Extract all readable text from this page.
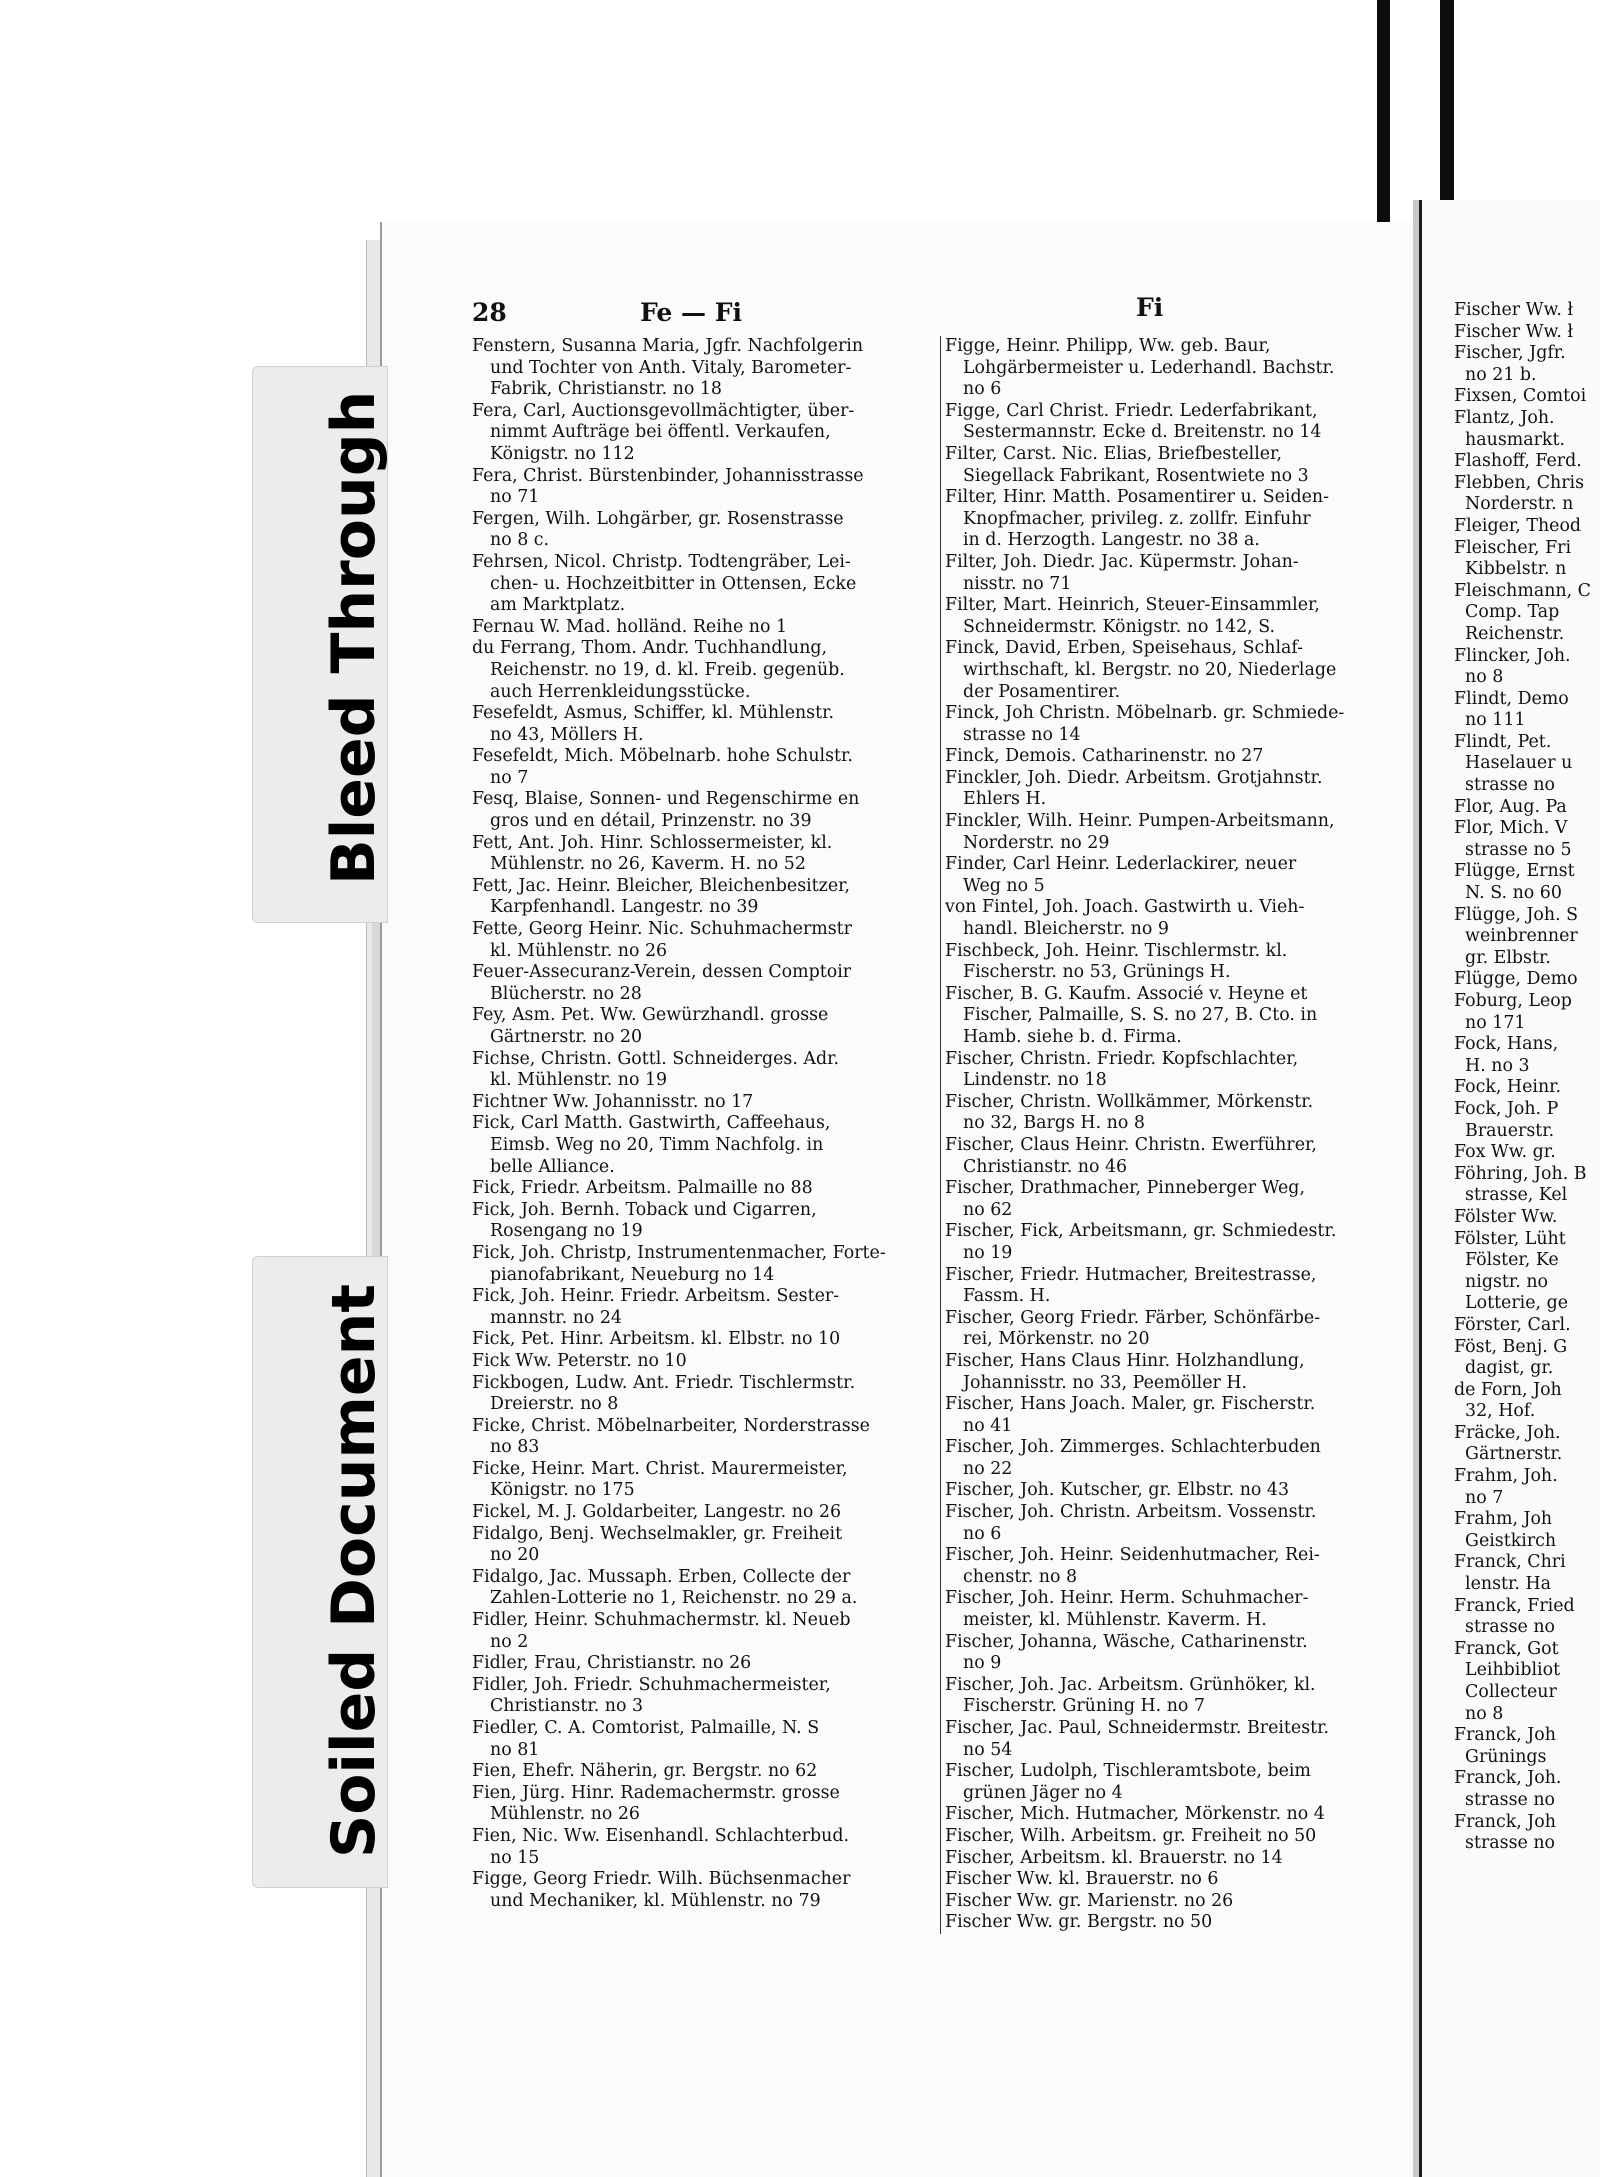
Bleed Through
Soiled Document
28	Fe — Fi	Fi
Fenstern, Susanna Maria, Jgfr. Nachfolgerin
und Tochter von Anth. Vitaly, Barometer-
Fabrik, Christianstr. no 18
Fera, Carl, Auctionsgevollmächtigter, über-
nimmt Aufträge bei öffentl. Verkaufen,
Königstr. no 112
Fera, Christ. Bürstenbinder, Johannisstrasse
no 71
Fergen, Wilh. Lohgärber, gr. Rosenstrasse
no 8 c.
Fehrsen, Nicol. Christp. Todtengräber, Lei-
chen- u. Hochzeitbitter in Ottensen, Ecke
am Marktplatz.
Fernau W. Mad. holländ. Reihe no 1
du Ferrang, Thom. Andr. Tuchhandlung,
Reichenstr. no 19, d. kl. Freib. gegenüb.
auch Herrenkleidungsstücke.
Fesefeldt, Asmus, Schiffer, kl. Mühlenstr.
no 43, Möllers H.
Fesefeldt, Mich. Möbelnarb. hohe Schulstr.
no 7
Fesq, Blaise, Sonnen- und Regenschirme en
gros und en détail, Prinzenstr. no 39
Fett, Ant. Joh. Hinr. Schlossermeister, kl.
Mühlenstr. no 26, Kaverm. H. no 52
Fett, Jac. Heinr. Bleicher, Bleichenbesitzer,
Karpfenhandl. Langestr. no 39
Fette, Georg Heinr. Nic. Schuhmachermstr
kl. Mühlenstr. no 26
Feuer-Assecuranz-Verein, dessen Comptoir
Blücherstr. no 28
Fey, Asm. Pet. Ww. Gewürzhandl. grosse
Gärtnerstr. no 20
Fichse, Christn. Gottl. Schneiderges. Adr.
kl. Mühlenstr. no 19
Fichtner Ww. Johannisstr. no 17
Fick, Carl Matth. Gastwirth, Caffeehaus,
Eimsb. Weg no 20, Timm Nachfolg. in
belle Alliance.
Fick, Friedr. Arbeitsm. Palmaille no 88
Fick, Joh. Bernh. Toback und Cigarren,
Rosengang no 19
Fick, Joh. Christp, Instrumentenmacher, Forte-
pianofabrikant, Neueburg no 14
Fick, Joh. Heinr. Friedr. Arbeitsm. Sester-
mannstr. no 24
Fick, Pet. Hinr. Arbeitsm. kl. Elbstr. no 10
Fick Ww. Peterstr. no 10
Fickbogen, Ludw. Ant. Friedr. Tischlermstr.
Dreierstr. no 8
Ficke, Christ. Möbelnarbeiter, Norderstrasse
no 83
Ficke, Heinr. Mart. Christ. Maurermeister,
Königstr. no 175
Fickel, M. J. Goldarbeiter, Langestr. no 26
Fidalgo, Benj. Wechselmakler, gr. Freiheit
no 20
Fidalgo, Jac. Mussaph. Erben, Collecte der
Zahlen-Lotterie no 1, Reichenstr. no 29 a.
Fidler, Heinr. Schuhmachermstr. kl. Neueb
no 2
Fidler, Frau, Christianstr. no 26
Fidler, Joh. Friedr. Schuhmachermeister,
Christianstr. no 3
Fiedler, C. A. Comtorist, Palmaille, N. S
no 81
Fien, Ehefr. Näherin, gr. Bergstr. no 62
Fien, Jürg. Hinr. Rademachermstr. grosse
Mühlenstr. no 26
Fien, Nic. Ww. Eisenhandl. Schlachterbud.
no 15
Figge, Georg Friedr. Wilh. Büchsenmacher
und Mechaniker, kl. Mühlenstr. no 79
Figge, Heinr. Philipp, Ww. geb. Baur,
Lohgärbermeister u. Lederhandl. Bachstr.
no 6
Figge, Carl Christ. Friedr. Lederfabrikant,
Sestermannstr. Ecke d. Breitenstr. no 14
Filter, Carst. Nic. Elias, Briefbesteller,
Siegellack Fabrikant, Rosentwiete no 3
Filter, Hinr. Matth. Posamentirer u. Seiden-
Knopfmacher, privileg. z. zollfr. Einfuhr
in d. Herzogth. Langestr. no 38 a.
Filter, Joh. Diedr. Jac. Küpermstr. Johan-
nisstr. no 71
Filter, Mart. Heinrich, Steuer-Einsammler,
Schneidermstr. Königstr. no 142, S.
Finck, David, Erben, Speisehaus, Schlaf-
wirthschaft, kl. Bergstr. no 20, Niederlage
der Posamentirer.
Finck, Joh Christn. Möbelnarb. gr. Schmiede-
strasse no 14
Finck, Demois. Catharinenstr. no 27
Finckler, Joh. Diedr. Arbeitsm. Grotjahnstr.
Ehlers H.
Finckler, Wilh. Heinr. Pumpen-Arbeitsmann,
Norderstr. no 29
Finder, Carl Heinr. Lederlackirer, neuer
Weg no 5
von Fintel, Joh. Joach. Gastwirth u. Vieh-
handl. Bleicherstr. no 9
Fischbeck, Joh. Heinr. Tischlermstr. kl.
Fischerstr. no 53, Grünings H.
Fischer, B. G. Kaufm. Associé v. Heyne et
Fischer, Palmaille, S. S. no 27, B. Cto. in
Hamb. siehe b. d. Firma.
Fischer, Christn. Friedr. Kopfschlachter,
Lindenstr. no 18
Fischer, Christn. Wollkämmer, Mörkenstr.
no 32, Bargs H. no 8
Fischer, Claus Heinr. Christn. Ewerführer,
Christianstr. no 46
Fischer, Drathmacher, Pinneberger Weg,
no 62
Fischer, Fick, Arbeitsmann, gr. Schmiedestr.
no 19
Fischer, Friedr. Hutmacher, Breitestrasse,
Fassm. H.
Fischer, Georg Friedr. Färber, Schönfärbe-
rei, Mörkenstr. no 20
Fischer, Hans Claus Hinr. Holzhandlung,
Johannisstr. no 33, Peemöller H.
Fischer, Hans Joach. Maler, gr. Fischerstr.
no 41
Fischer, Joh. Zimmerges. Schlachterbuden
no 22
Fischer, Joh. Kutscher, gr. Elbstr. no 43
Fischer, Joh. Christn. Arbeitsm. Vossenstr.
no 6
Fischer, Joh. Heinr. Seidenhutmacher, Rei-
chenstr. no 8
Fischer, Joh. Heinr. Herm. Schuhmacher-
meister, kl. Mühlenstr. Kaverm. H.
Fischer, Johanna, Wäsche, Catharinenstr.
no 9
Fischer, Joh. Jac. Arbeitsm. Grünhöker, kl.
Fischerstr. Grüning H. no 7
Fischer, Jac. Paul, Schneidermstr. Breitestr.
no 54
Fischer, Ludolph, Tischleramtsbote, beim
grünen Jäger no 4
Fischer, Mich. Hutmacher, Mörkenstr. no 4
Fischer, Wilh. Arbeitsm. gr. Freiheit no 50
Fischer, Arbeitsm. kl. Brauerstr. no 14
Fischer Ww. kl. Brauerstr. no 6
Fischer Ww. gr. Marienstr. no 26
Fischer Ww. gr. Bergstr. no 50
Fischer Ww. ł
Fischer Ww. ł
Fischer, Jgfr.
no 21 b.
Fixsen, Comtoi
Flantz, Joh.
hausmarkt.
Flashoff, Ferd.
Flebben, Chris
Norderstr. n
Fleiger, Theod
Fleischer, Fri
Kibbelstr. n
Fleischmann, C
Comp. Tap
Reichenstr.
Flincker, Joh.
no 8
Flindt, Demo
no 111
Flindt, Pet.
Haselauer u
strasse no
Flor, Aug. Pa
Flor, Mich. V
strasse no 5
Flügge, Ernst
N. S. no 60
Flügge, Joh. S
weinbrenner
gr. Elbstr.
Flügge, Demo
Foburg, Leop
no 171
Fock, Hans,
H. no 3
Fock, Heinr.
Fock, Joh. P
Brauerstr.
Fox Ww. gr.
Föhring, Joh. B
strasse, Kel
Fölster Ww.
Fölster, Lüht
Fölster, Ke
nigstr. no
Lotterie, ge
Förster, Carl.
Föst, Benj. G
dagist, gr.
de Forn, Joh
32, Hof.
Fräcke, Joh.
Gärtnerstr.
Frahm, Joh.
no 7
Frahm, Joh
Geistkirch
Franck, Chri
lenstr. Ha
Franck, Fried
strasse no
Franck, Got
Leihbibliot
Collecteur
no 8
Franck, Joh
Grünings
Franck, Joh.
strasse no
Franck, Joh
strasse no
